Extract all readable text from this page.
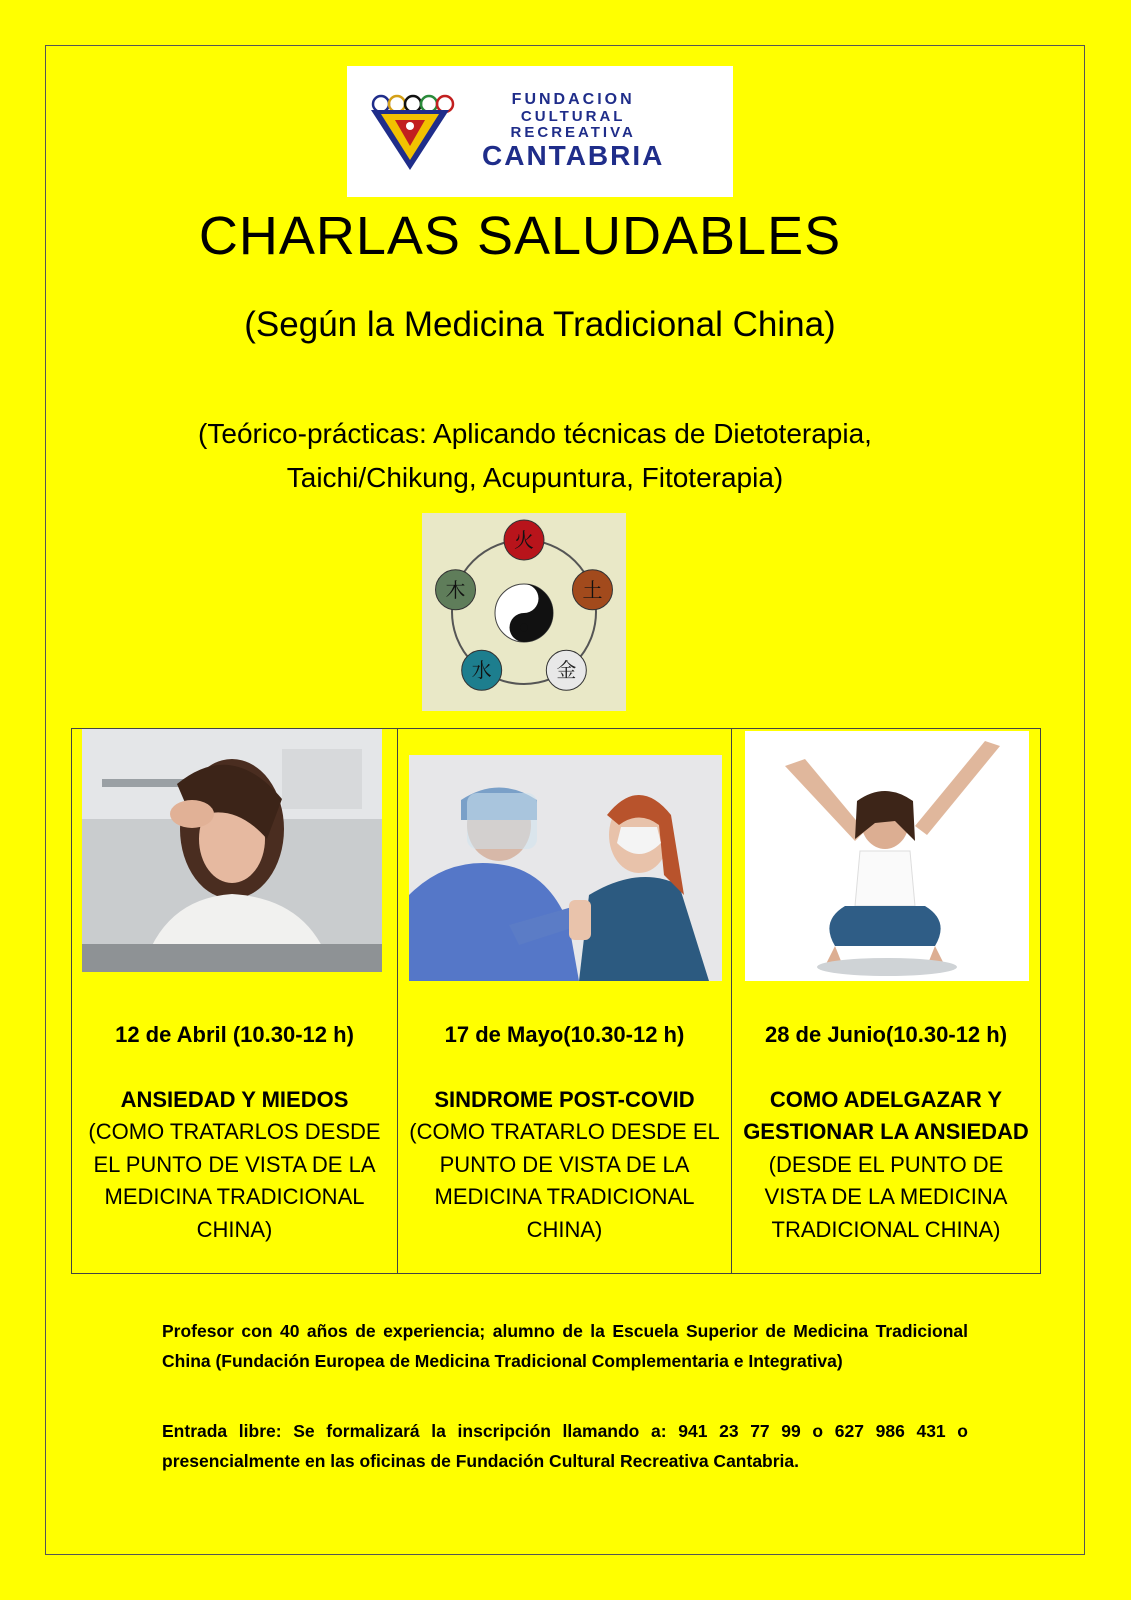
FUNDACION
CULTURAL
RECREATIVA
CANTABRIA
CHARLAS SALUDABLES
(Según la Medicina Tradicional China)
(Teórico-prácticas: Aplicando técnicas de Dietoterapia,
Taichi/Chikung, Acupuntura, Fitoterapia)
火
土
金
水
木
12 de Abril (10.30-12 h)
ANSIEDAD Y MIEDOS
(COMO TRATARLOS DESDE
EL PUNTO DE VISTA DE LA
MEDICINA TRADICIONAL
CHINA)
17 de Mayo(10.30-12 h)
SINDROME POST-COVID
(COMO TRATARLO DESDE EL
PUNTO DE VISTA DE LA
MEDICINA TRADICIONAL
CHINA)
28 de Junio(10.30-12 h)
COMO ADELGAZAR Y
GESTIONAR LA ANSIEDAD
(DESDE EL PUNTO DE
VISTA DE LA MEDICINA
TRADICIONAL CHINA)
Profesor con 40 años de experiencia; alumno de la Escuela Superior de Medicina Tradicional China (Fundación Europea de Medicina Tradicional Complementaria e Integrativa)
Entrada libre: Se formalizará la inscripción llamando a: 941 23 77 99 o 627 986 431 o presencialmente en las oficinas de Fundación Cultural Recreativa Cantabria.
